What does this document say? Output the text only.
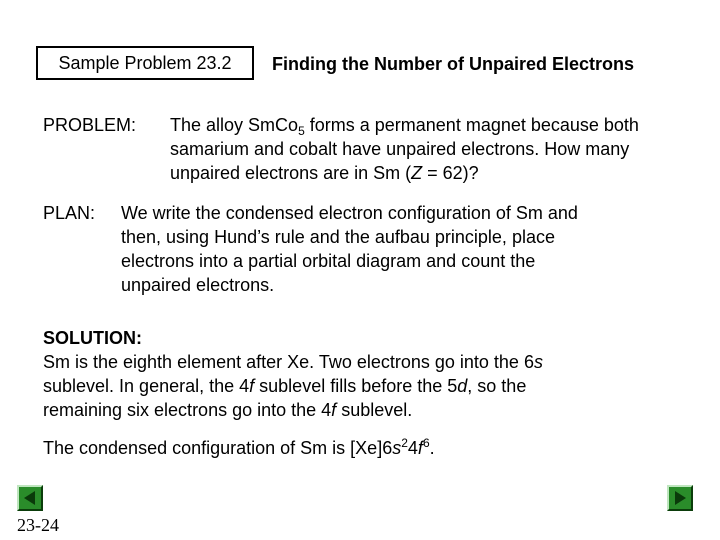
Sample Problem 23.2	Finding the Number of Unpaired Electrons
PROBLEM: The alloy SmCo$_5$ forms a permanent magnet because both
samarium and cobalt have unpaired electrons. How many
unpaired electrons are in Sm (Z = 62)?
PLAN: We write the condensed electron configuration of Sm and
then, using Hund’s rule and the aufbau principle, place
electrons into a partial orbital diagram and count the
unpaired electrons.
SOLUTION:
Sm is the eighth element after Xe. Two electrons go into the 6s
sublevel. In general, the 4f sublevel fills before the 5d, so the
remaining six electrons go into the 4f sublevel.
The condensed configuration of Sm is $[Xe]6s^24f^6$.
23-24
